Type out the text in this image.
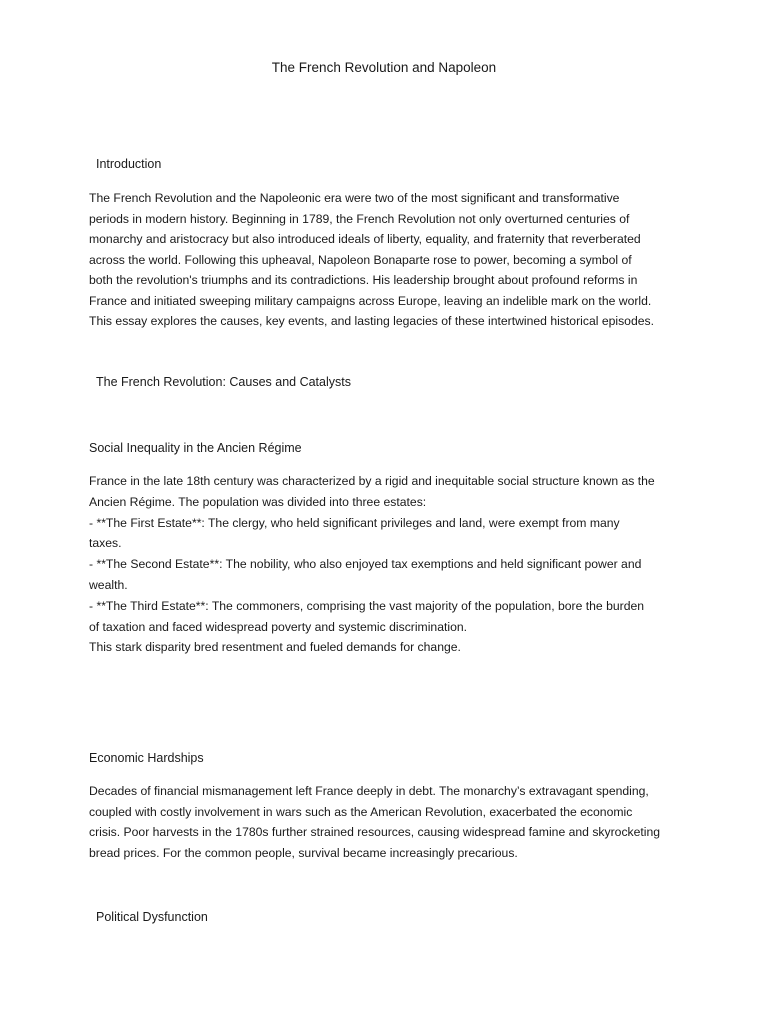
The French Revolution and Napoleon
Introduction
The French Revolution and the Napoleonic era were two of the most significant and transformative
periods in modern history. Beginning in 1789, the French Revolution not only overturned centuries of
monarchy and aristocracy but also introduced ideals of liberty, equality, and fraternity that reverberated
across the world. Following this upheaval, Napoleon Bonaparte rose to power, becoming a symbol of
both the revolution's triumphs and its contradictions. His leadership brought about profound reforms in
France and initiated sweeping military campaigns across Europe, leaving an indelible mark on the world.
This essay explores the causes, key events, and lasting legacies of these intertwined historical episodes.
The French Revolution: Causes and Catalysts
Social Inequality in the Ancien Régime
France in the late 18th century was characterized by a rigid and inequitable social structure known as the
Ancien Régime. The population was divided into three estates:
- **The First Estate**: The clergy, who held significant privileges and land, were exempt from many
taxes.
- **The Second Estate**: The nobility, who also enjoyed tax exemptions and held significant power and
wealth.
- **The Third Estate**: The commoners, comprising the vast majority of the population, bore the burden
of taxation and faced widespread poverty and systemic discrimination.
This stark disparity bred resentment and fueled demands for change.
Economic Hardships
Decades of financial mismanagement left France deeply in debt. The monarchy’s extravagant spending,
coupled with costly involvement in wars such as the American Revolution, exacerbated the economic
crisis. Poor harvests in the 1780s further strained resources, causing widespread famine and skyrocketing
bread prices. For the common people, survival became increasingly precarious.
Political Dysfunction
